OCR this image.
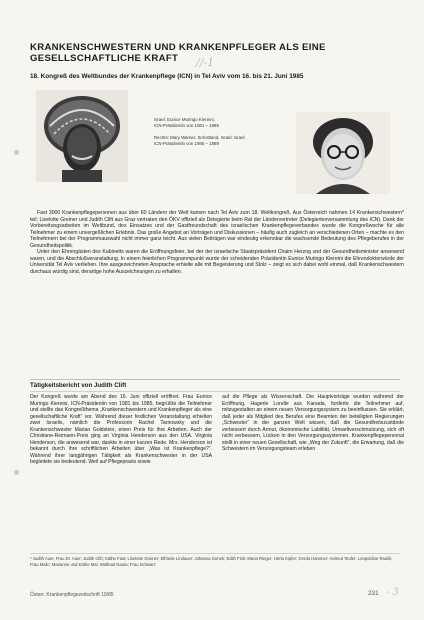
KRANKENSCHWESTERN UND KRANKENPFLEGER ALS EINE GESELLSCHAFTLICHE KRAFT	//-1
18. Kongreß des Weltbundes der Krankenpflege (ICN) in Tel Aviv vom 16. bis 21. Juni 1985
Israel: Eunice Muringo Kiereini,
ICN-Präsidentin von 1981 – 1985
Rechts: Mary Warner, Schottland, Israel: Israel
ICN-Präsidentin von 1985 – 1989

Fast 3000 Krankenpflegepersonen aus über 60 Ländern der Welt kamen nach Tel Aviv zum 18. Weltkongreß. Aus Österreich nahmen 14 Krankenschwestern* teil; Liselotte Greiner und Judith Clift aus Graz vertraten den ÖKV offiziell als Delegierte beim Rat der Ländervertreter (Delegiertenversammlung des ICN). Dank der Vorbereitungsarbeiten im Weltbund, des Einsatzes und der Gastfreundschaft des israelischen Krankenpflegeverbandes wurde die Kongreßwoche für alle Teilnehmer zu einem unvergeßlichen Erlebnis. Das große Angebot an Vorträgen und Diskussionen – häufig auch zugleich an verschiedenen Orten – machte es den Teilnehmern bei der Programmauswahl nicht immer ganz leicht. Aus vielen Beiträgen war eindeutig erkennbar die wachsende Bedeutung des Pflegeberufes in der Gesundheitspolitik.

Unter den Ehrengästen des Kabinetts waren die Eröffnungsfeier, bei der der israelische Staatspräsident Chaim Herzog und der Gesundheitsminister anwesend waren, und die Abschlußveranstaltung. In einem feierlichen Programmpunkt wurde der scheidenden Präsidentin Eunice Muringo Kiereini die Ehrendoktorwürde der Universität Tel Aviv verliehen. Ihre ausgezeichneten Ansprache erhielte alle mit Begeisterung und Stolz – zeigt es sich dabei wohl einmal, daß Krankenschwestern durchaus würdig sind, derartige hohe Auszeichnungen zu erhalten.

Tätigkeitsbericht von Judith Clift
Der Kongreß wurde am Abend des 16. Juni offiziell eröffnet. Frau Eunice Muringo Kiereini, ICN-Präsidentin von 1981 bis 1985, begrüßte die Teilnehmer und stellte das Kongreßthema „Krankenschwestern und Krankenpfleger als eine gesellschaftliche Kraft“ vor. Während dieser festlichen Veranstaltung erhielten zwei Israelis, nämlich die Professorin Rachel Tarnowsky und die Krankenschwester Marian Goldstein, einen Preis für ihre Arbeiten. Auch der Christiane-Reimann-Preis ging an Virginia Henderson aus den USA. Virginia Henderson, die anwesend war, dankte in einer kurzen Rede. Mrs. Henderson ist bekannt durch ihre schriftlichen Arbeiten über „Was ist Krankenpflege?“. Während ihrer langjährigen Tätigkeit als Krankenschwester in der USA begleitete sie bedeutend. Weil auf Pflegepraxis sowie
auf die Pflege als Wissenschaft. Die Hauptvorträge wurden während der Eröffnung, Hagerle Lorelle aus Kanada, forderte die Teilnehmer auf, mitzugestalten an einem neuen Versorgungssystem zu beeinflussen. Sie erklärt, daß jeder als Mitglied des Berufes eine Beamten der beteiligten Regierungen „Schwester“ in der ganzen Welt wissen, daß die Gesundheitszustände verbessert durch Armut, ökonomische Labilität, Umweltverschmutzung, sich oft nicht verbessern, Lücken in den Versorgungssystemen. Krankenpflegepersonal stellt in einer neuen Gesellschaft, wie „Weg der Zukunft“, die Erwartung, daß die Schwestern im Versorgungsteam erleben
* Judith Auer, Frau Dr. Auer; Judith Clift; Käthe Fast; Liselotte Greiner; Elfriede Lindauer; Johanna Gonek; Edith Fink; Maria Rieger; Herta Kipfer; Gerda Hammer; Helmut Teufer; Leopoldine Raulik; Frau Malic; Marianne und Käthe Mai; Waltraut Nauta; Frau Schwarz
Österr. Krankenpflegezeitschrift 10/85	231 - 3
